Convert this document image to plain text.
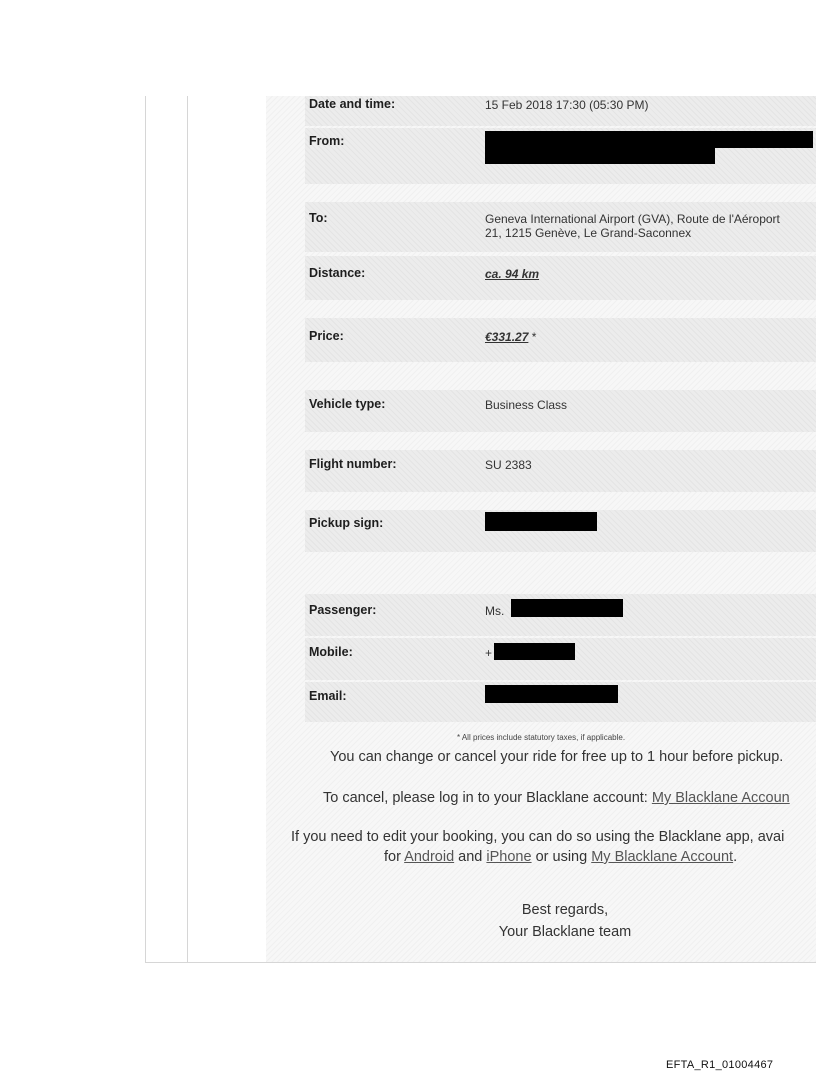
Date and time:	15 Feb 2018 17:30 (05:30 PM)
From:
To:	Geneva International Airport (GVA), Route de l'Aéroport
21, 1215 Genève, Le Grand-Saconnex
Distance:	ca. 94 km
Price:	€331.27 *
Vehicle type:	Business Class
Flight number:	SU 2383
Pickup sign:
Passenger:	Ms.
Mobile:	+
Email:
* All prices include statutory taxes, if applicable.
You can change or cancel your ride for free up to 1 hour before pickup.
To cancel, please log in to your Blacklane account: My Blacklane Accoun
If you need to edit your booking, you can do so using the Blacklane app, avai
for Android and iPhone or using My Blacklane Account.
Best regards,
Your Blacklane team
EFTA_R1_01004467
